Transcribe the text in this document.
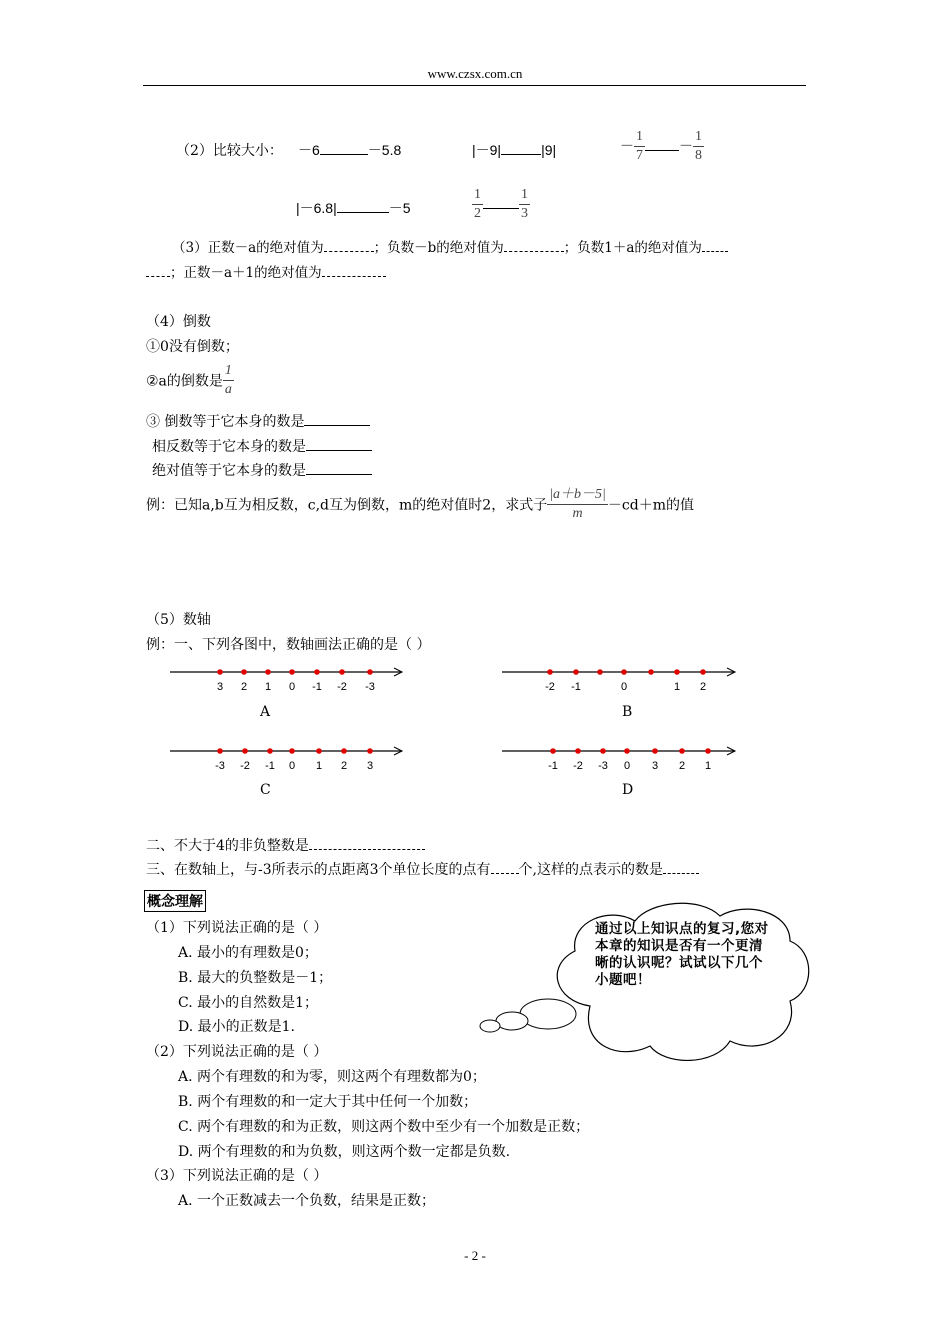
www.czsx.com.cn
（2）比较大小： －6	－5.8	|－9|	|9|	－ $\frac{1}{7} - \frac{1}{8}$
|－6.8|	－5	$\frac{1}{2}$	$\frac{1}{3}$
（3）正数－a的绝对值为	；负数－b的绝对值为	；负数1＋a的绝对值为
；正数－a＋1的绝对值为
（4）倒数
①0没有倒数；
②a的倒数是 $\frac{1}{a}$
③ 倒数等于它本身的数是
相反数等于它本身的数是
绝对值等于它本身的数是
例：已知a,b互为相反数，c,d互为倒数，m的绝对值时2，求式子 $\frac{|a+b-5|}{m} -cd+m$的值
（5）数轴
例：一、下列各图中，数轴画法正确的是（ ）
3 2 1 0 -1 -2 -3	-2 -1	0	1 2
-3 -2 -1 0 1 2 3	-1 -2 -3 0 3 2 1
A	B
C	D
二、不大于4的非负整数是
三、在数轴上，与-3所表示的点距离3个单位长度的点有 个,这样的点表示的数是
概念理解
通过以上知识点的复习,您对本章的知识是否有一个更清晰的认识呢？试试以下几个小题吧！
（1）下列说法正确的是（ ）
A. 最小的有理数是0；
B. 最大的负整数是－1；
C. 最小的自然数是1；
D. 最小的正数是1.
（2）下列说法正确的是（ ）
A. 两个有理数的和为零，则这两个有理数都为0；
B. 两个有理数的和一定大于其中任何一个加数；
C. 两个有理数的和为正数，则这两个数中至少有一个加数是正数；
D. 两个有理数的和为负数，则这两个数一定都是负数.
（3）下列说法正确的是（ ）
A. 一个正数减去一个负数，结果是正数；
- 2 -
